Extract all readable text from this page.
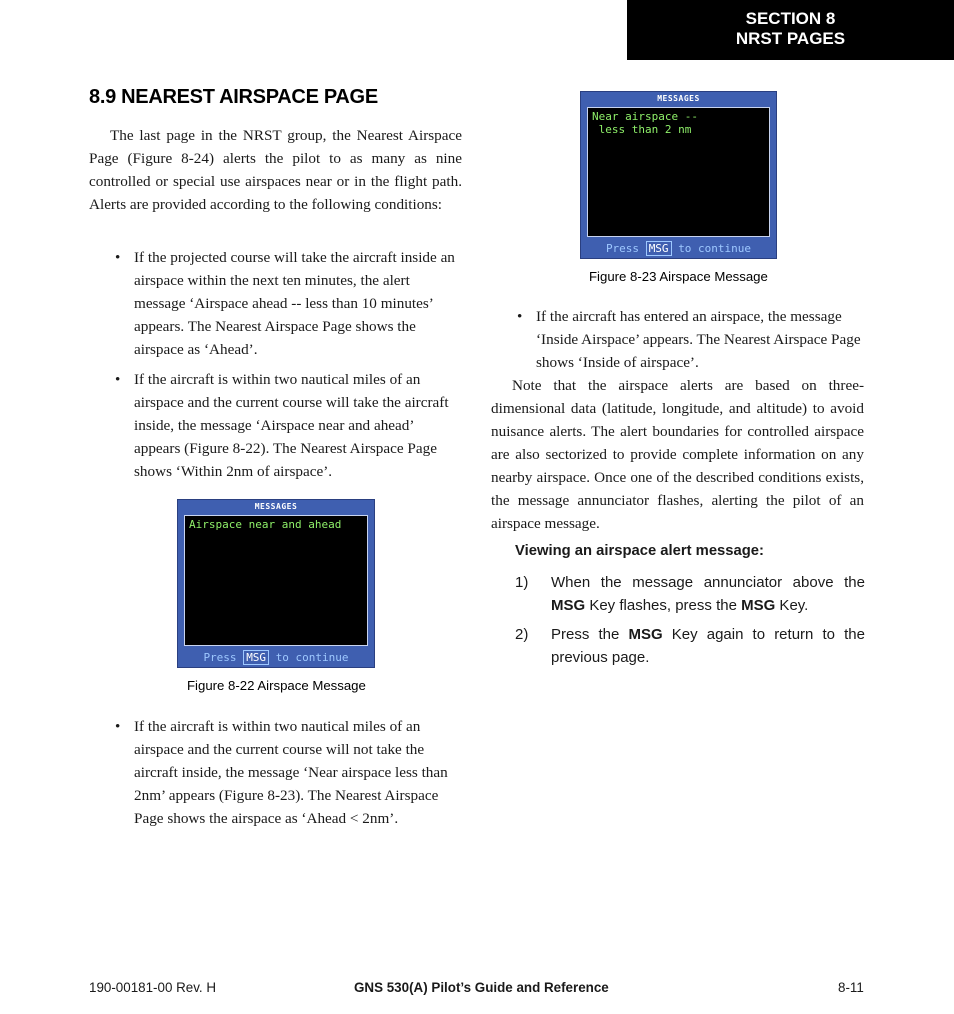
SECTION 8
NRST PAGES
8.9 NEAREST AIRSPACE PAGE

The last page in the NRST group, the Nearest Airspace Page (Figure 8-24) alerts the pilot to as many as nine controlled or special use airspaces near or in the flight path. Alerts are provided according to the following conditions:

• If the projected course will take the aircraft inside an airspace within the next ten minutes, the alert message ‘Airspace ahead -- less than 10 minutes’ appears. The Nearest Airspace Page shows the airspace as ‘Ahead’.

• If the aircraft is within two nautical miles of an airspace and the current course will take the aircraft inside, the message ‘Airspace near and ahead’ appears (Figure 8-22). The Nearest Airspace Page shows ‘Within 2nm of airspace’.

MESSAGES
Airspace near and ahead
Press MSG to continue
Figure 8-22 Airspace Message

• If the aircraft is within two nautical miles of an airspace and the current course will not take the aircraft inside, the message ‘Near airspace less than 2nm’ appears (Figure 8-23). The Nearest Airspace Page shows the airspace as ‘Ahead < 2nm’.

MESSAGES
Near airspace --
less than 2 nm
Press MSG to continue
Figure 8-23 Airspace Message

• If the aircraft has entered an airspace, the message ‘Inside Airspace’ appears. The Nearest Airspace Page shows ‘Inside of airspace’.

Note that the airspace alerts are based on three-dimensional data (latitude, longitude, and altitude) to avoid nuisance alerts. The alert boundaries for controlled airspace are also sectorized to provide complete information on any nearby airspace. Once one of the described conditions exists, the message annunciator flashes, alerting the pilot of an airspace message.

Viewing an airspace alert message:
1) When the message annunciator above the MSG Key flashes, press the MSG Key.
2) Press the MSG Key again to return to the previous page.
190-00181-00 Rev. H	GNS 530(A) Pilot’s Guide and Reference	8-11
